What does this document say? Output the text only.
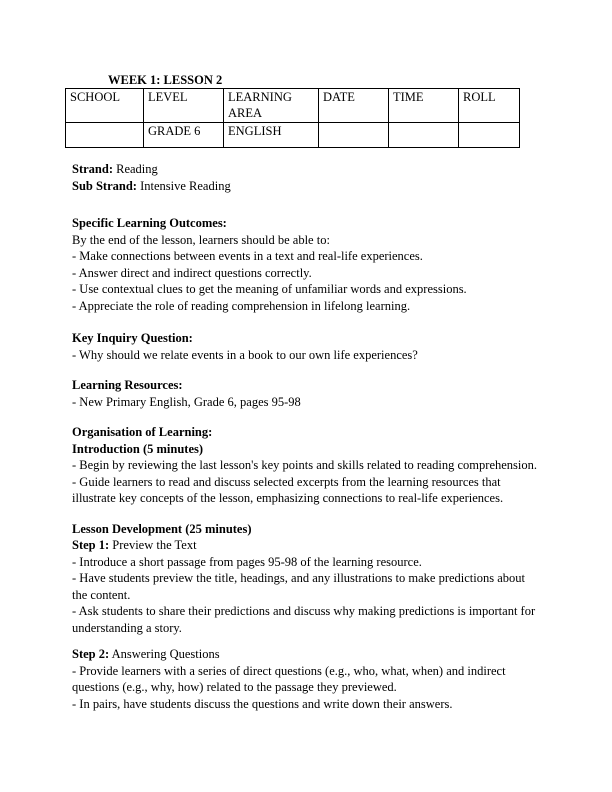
WEEK 1: LESSON 2
SCHOOL	LEVEL	LEARNING AREA	DATE	TIME	ROLL
	GRADE 6	ENGLISH			
Strand: Reading
Sub Strand: Intensive Reading
Specific Learning Outcomes:
By the end of the lesson, learners should be able to:
- Make connections between events in a text and real-life experiences.
- Answer direct and indirect questions correctly.
- Use contextual clues to get the meaning of unfamiliar words and expressions.
- Appreciate the role of reading comprehension in lifelong learning.
Key Inquiry Question:
- Why should we relate events in a book to our own life experiences?
Learning Resources:
- New Primary English, Grade 6, pages 95-98
Organisation of Learning:
Introduction (5 minutes)
- Begin by reviewing the last lesson's key points and skills related to reading comprehension.
- Guide learners to read and discuss selected excerpts from the learning resources that illustrate key concepts of the lesson, emphasizing connections to real-life experiences.
Lesson Development (25 minutes)
Step 1: Preview the Text
- Introduce a short passage from pages 95-98 of the learning resource.
- Have students preview the title, headings, and any illustrations to make predictions about the content.
- Ask students to share their predictions and discuss why making predictions is important for understanding a story.
Step 2: Answering Questions
- Provide learners with a series of direct questions (e.g., who, what, when) and indirect questions (e.g., why, how) related to the passage they previewed.
- In pairs, have students discuss the questions and write down their answers.
